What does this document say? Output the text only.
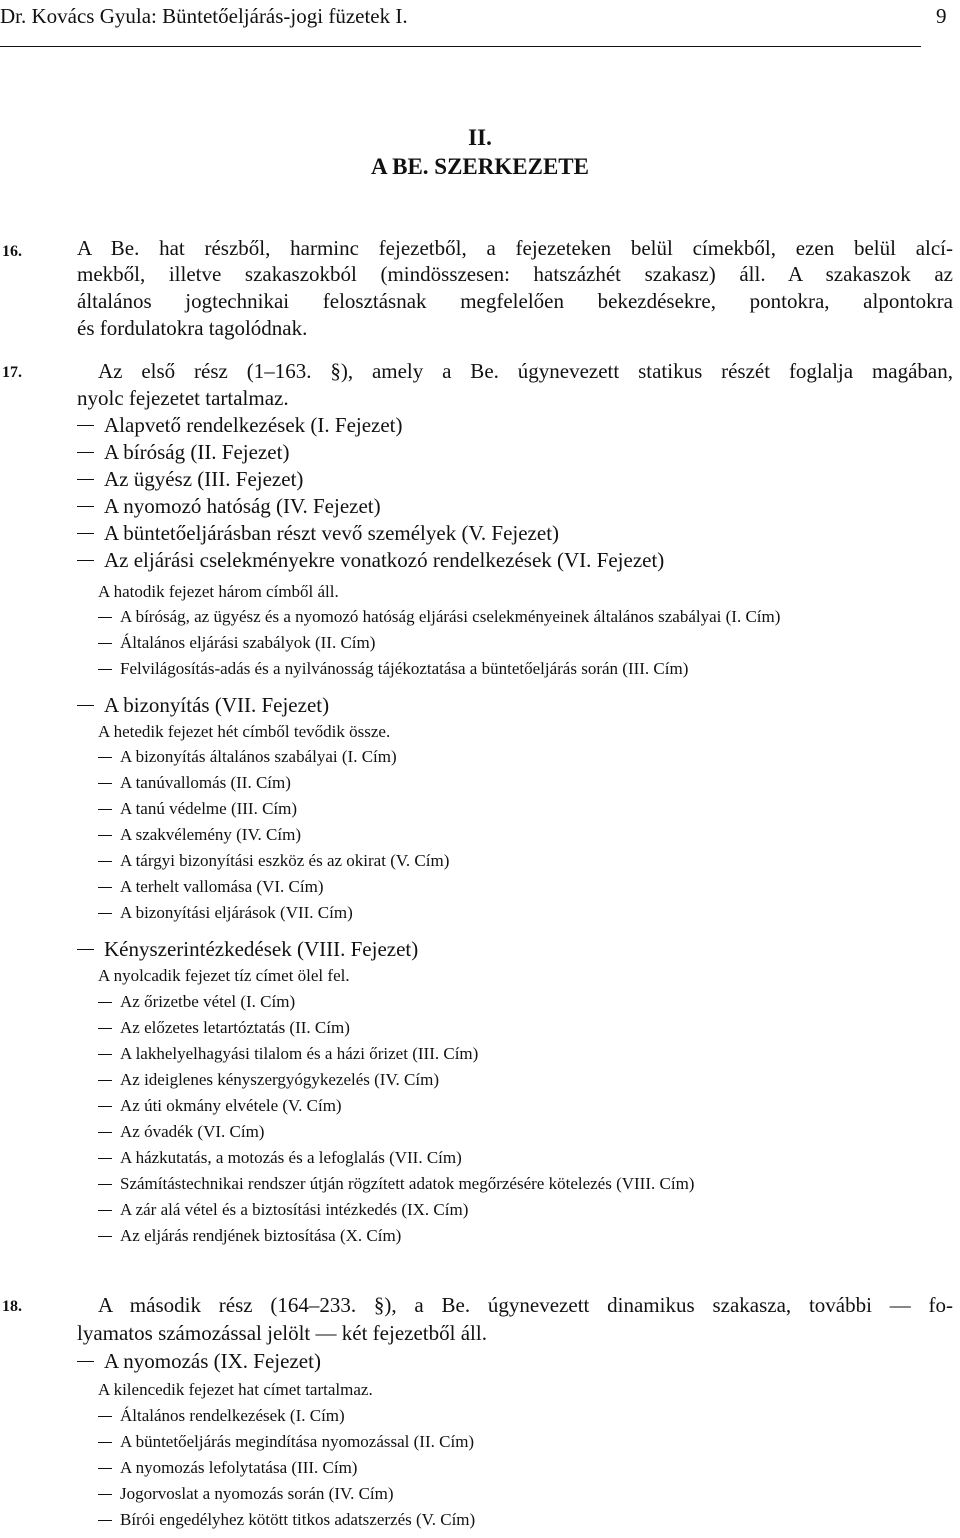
Dr. Kovács Gyula: Büntetőeljárás-jogi füzetek I.	9
II.
A BE. SZERKEZETE
16.
17.
18.
A Be. hat részből, harminc fejezetből, a fejezeteken belül címekből, ezen belül alcí-
mekből, illetve szakaszokból (mindösszesen: hatszázhét szakasz) áll. A szakaszok az
általános jogtechnikai felosztásnak megfelelően bekezdésekre, pontokra, alpontokra
és fordulatokra tagolódnak.
Az első rész (1–163. §), amely a Be. úgynevezett statikus részét foglalja magában,
nyolc fejezetet tartalmaz.
Alapvető rendelkezések (I. Fejezet)
A bíróság (II. Fejezet)
Az ügyész (III. Fejezet)
A nyomozó hatóság (IV. Fejezet)
A büntetőeljárásban részt vevő személyek (V. Fejezet)
Az eljárási cselekményekre vonatkozó rendelkezések (VI. Fejezet)
A hatodik fejezet három címből áll.
A bíróság, az ügyész és a nyomozó hatóság eljárási cselekményeinek általános szabályai (I. Cím)
Általános eljárási szabályok (II. Cím)
Felvilágosítás-adás és a nyilvánosság tájékoztatása a büntetőeljárás során (III. Cím)
A bizonyítás (VII. Fejezet)
A hetedik fejezet hét címből tevődik össze.
A bizonyítás általános szabályai (I. Cím)
A tanúvallomás (II. Cím)
A tanú védelme (III. Cím)
A szakvélemény (IV. Cím)
A tárgyi bizonyítási eszköz és az okirat (V. Cím)
A terhelt vallomása (VI. Cím)
A bizonyítási eljárások (VII. Cím)
Kényszerintézkedések (VIII. Fejezet)
A nyolcadik fejezet tíz címet ölel fel.
Az őrizetbe vétel (I. Cím)
Az előzetes letartóztatás (II. Cím)
A lakhelyelhagyási tilalom és a házi őrizet (III. Cím)
Az ideiglenes kényszergyógykezelés (IV. Cím)
Az úti okmány elvétele (V. Cím)
Az óvadék (VI. Cím)
A házkutatás, a motozás és a lefoglalás (VII. Cím)
Számítástechnikai rendszer útján rögzített adatok megőrzésére kötelezés (VIII. Cím)
A zár alá vétel és a biztosítási intézkedés (IX. Cím)
Az eljárás rendjének biztosítása (X. Cím)
A második rész (164–233. §), a Be. úgynevezett dinamikus szakasza, további — fo-
lyamatos számozással jelölt — két fejezetből áll.
A nyomozás (IX. Fejezet)
A kilencedik fejezet hat címet tartalmaz.
Általános rendelkezések (I. Cím)
A büntetőeljárás megindítása nyomozással (II. Cím)
A nyomozás lefolytatása (III. Cím)
Jogorvoslat a nyomozás során (IV. Cím)
Bírói engedélyhez kötött titkos adatszerzés (V. Cím)
